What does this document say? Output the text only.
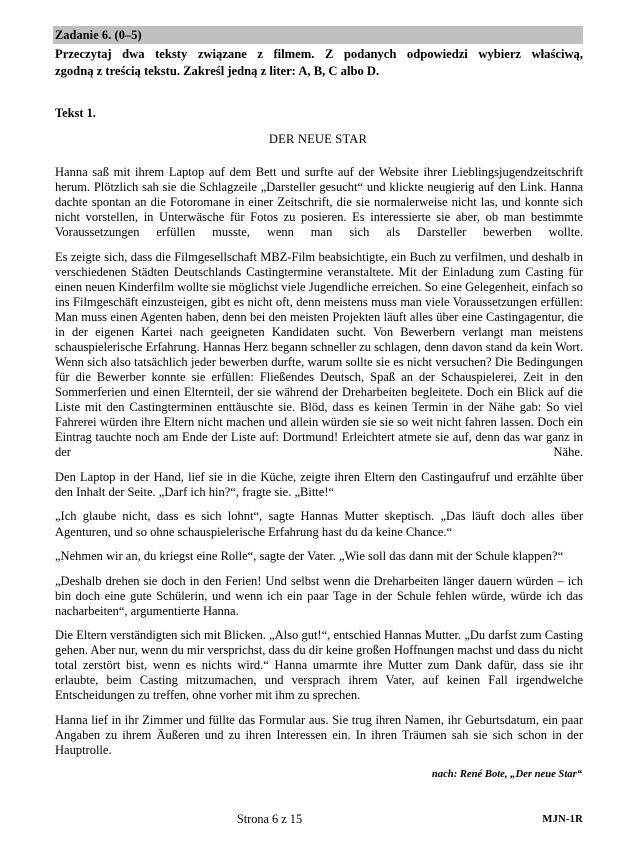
Zadanie 6. (0–5)
Przeczytaj dwa teksty związane z filmem. Z podanych odpowiedzi wybierz właściwą,
zgodną z treścią tekstu. Zakreśl jedną z liter: A, B, C albo D.
Tekst 1.
DER NEUE STAR

Hanna saß mit ihrem Laptop auf dem Bett und surfte auf der Website ihrer Lieblingsjugendzeitschrift herum. Plötzlich sah sie die Schlagzeile „Darsteller gesucht“ und klickte neugierig auf den Link. Hanna dachte spontan an die Fotoromane in einer Zeitschrift, die sie normalerweise nicht las, und konnte sich nicht vorstellen, in Unterwäsche für Fotos zu posieren. Es interessierte sie aber, ob man bestimmte Voraussetzungen erfüllen musste, wenn man sich als Darsteller bewerben wollte.

Es zeigte sich, dass die Filmgesellschaft MBZ-Film beabsichtigte, ein Buch zu verfilmen, und deshalb in verschiedenen Städten Deutschlands Castingtermine veranstaltete. Mit der Einladung zum Casting für einen neuen Kinderfilm wollte sie möglichst viele Jugendliche erreichen. So eine Gelegenheit, einfach so ins Filmgeschäft einzusteigen, gibt es nicht oft, denn meistens muss man viele Voraussetzungen erfüllen: Man muss einen Agenten haben, denn bei den meisten Projekten läuft alles über eine Castingagentur, die in der eigenen Kartei nach geeigneten Kandidaten sucht. Von Bewerbern verlangt man meistens schauspielerische Erfahrung. Hannas Herz begann schneller zu schlagen, denn davon stand da kein Wort. Wenn sich also tatsächlich jeder bewerben durfte, warum sollte sie es nicht versuchen? Die Bedingungen für die Bewerber konnte sie erfüllen: Fließendes Deutsch, Spaß an der Schauspielerei, Zeit in den Sommerferien und einen Elternteil, der sie während der Dreharbeiten begleitete. Doch ein Blick auf die Liste mit den Castingterminen enttäuschte sie. Blöd, dass es keinen Termin in der Nähe gab: So viel Fahrerei würden ihre Eltern nicht machen und allein würden sie sie so weit nicht fahren lassen. Doch ein Eintrag tauchte noch am Ende der Liste auf: Dortmund! Erleichtert atmete sie auf, denn das war ganz in der Nähe.

Den Laptop in der Hand, lief sie in die Küche, zeigte ihren Eltern den Castingaufruf und erzählte über den Inhalt der Seite. „Darf ich hin?“, fragte sie. „Bitte!“

„Ich glaube nicht, dass es sich lohnt“, sagte Hannas Mutter skeptisch. „Das läuft doch alles über Agenturen, und so ohne schauspielerische Erfahrung hast du da keine Chance.“

„Nehmen wir an, du kriegst eine Rolle“, sagte der Vater. „Wie soll das dann mit der Schule klappen?“

„Deshalb drehen sie doch in den Ferien! Und selbst wenn die Dreharbeiten länger dauern würden – ich bin doch eine gute Schülerin, und wenn ich ein paar Tage in der Schule fehlen würde, würde ich das nacharbeiten“, argumentierte Hanna.

Die Eltern verständigten sich mit Blicken. „Also gut!“, entschied Hannas Mutter. „Du darfst zum Casting gehen. Aber nur, wenn du mir versprichst, dass du dir keine großen Hoffnungen machst und dass du nicht total zerstört bist, wenn es nichts wird.“ Hanna umarmte ihre Mutter zum Dank dafür, dass sie ihr erlaubte, beim Casting mitzumachen, und versprach ihrem Vater, auf keinen Fall irgendwelche Entscheidungen zu treffen, ohne vorher mit ihm zu sprechen.

Hanna lief in ihr Zimmer und füllte das Formular aus. Sie trug ihren Namen, ihr Geburtsdatum, ein paar Angaben zu ihrem Äußeren und zu ihren Interessen ein. In ihren Träumen sah sie sich schon in der Hauptrolle.

nach: René Bote, „Der neue Star“
Strona 6 z 15	MJN-1R
